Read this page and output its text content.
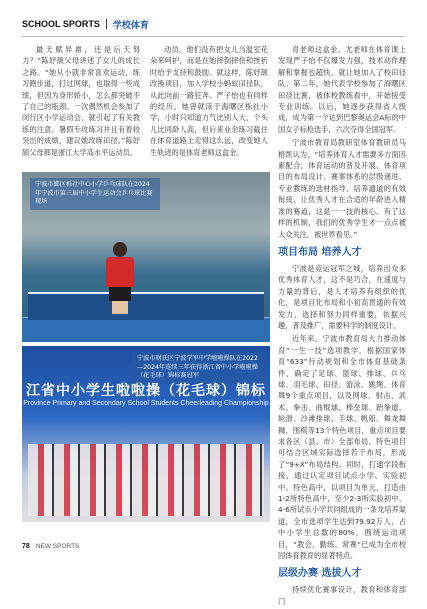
SCHOOL SPORTS 学校体育
最天赋异禀，还是后天努力？”陈妤颉父母讲述了女儿的成长之路。“她从小就非常喜欢运动，练习跑步道，打过网球，也取得一些成绩，但因为身形娇小，怎么都突破不了自己的瓶颈。一次偶然机会参加了闵行区小学运动会，就引起了有关教练的注意。暑假专攻练习并且有着较突出的成绩，建议她改练田径。”陈妤颉父母都是浙江大学高水平运动员。
动员，他们没有把女儿当温室花朵来呵护，而是在她摔倒摔伤和挫折时给予支持和鼓励。就这样，陈妤颉改换项目，加入学校小蚂蚁田径队，从此向前一路狂奔。严子怡也有同样的经历。她曾就读于海曙区栎社小学，小时只知道力气比别人大，个头儿比同龄人高，但后来业余练习截住在体育道路上走得这么远，改变她人生轨迹的是体育老师这盒金。

育老师这盒金。尤老师在体育课上发现严子怡不仅爆发力强，技术动作理解和掌握也超快，就让她加入了校田径队。第二年，她代表学校参加了海曙区田径比赛，被体校教练看中，开始接受专业训练。以后，她逐步获得省人级成，成为第一个达到巴黎奥运会A标的中国女子标枪选手，六次夺得全国冠军。

宁波市教育局教研室体育教研员马格凯认为，“培养体育人才需要多方面因素配合，体育运动的普及开展、体育项目的布局设计、赛事体系的层级递进、专业教练的选材指导、培养通道的有效衔接，让优秀人才在合适的年龄进入精准的赛道，这是一一技的核心。有了这样的机制，我们的优秀学生才一点点被大众关注，被世界看见。”

项目布局 培养人才

宁波是竞运冠军之城，培养出众多优秀体育人才，这不是巧合，在速度与力量的背后，是人才培养有组织的优化，是项目化布局和小初高贯通的有效发力，选择和努力同样重要，依据兴趣，普及推广，需要科学的制度设计。

近年来，宁波市教育局大力推动体育“一生一技”选项教学，根据国家体育“633”行动规划和全市体育基础条件，确定了足球、篮球、排球、乒乓球、羽毛球、田径、游泳、跳绳、体育舞9个重点项目，以及网球、射击、武术、拳击、曲棍球、棒垒球、跆拳道、轮滑、沙滩排球、手球、帆船、舞龙舞狮、围棋等13个特色项目，重点项目要求各区（县、市）全部布局，特色项目可结合区域实际选择若干布局，形成了“9+X”布局结构。同时，打通学段衔接，通过认定项目试点小学、实验初中、特色高中，以项目为单元，打造由1-2所特色高中，至少2-3所实验初中、4-6所试点小学共同组成的一条龙培养渠道，全市选项学生达到79.92万人，占中小学生总数的80%，围绕运动项目，“教会、勤练、常赛”已成为全市校园体育教育的显著特点。

层级办赛 选拔人才

持续优化赛事设计，教育和体育部门

宁波市鄞区栎社中心小学乒乓球队在2024年宁波市第三届中小学生运动会乒乓球比赛现场
宁波市财氏区宁波学军中学啦啦操队在2022—2024年连续三年获得浙江省中小学啦啦操（花毛球）锦标赛冠军
江省中小学生啦啦操（花毛球）锦标
Province Primary and Secondary School Students Cheerleading Championship
78 NEW SPORTS
